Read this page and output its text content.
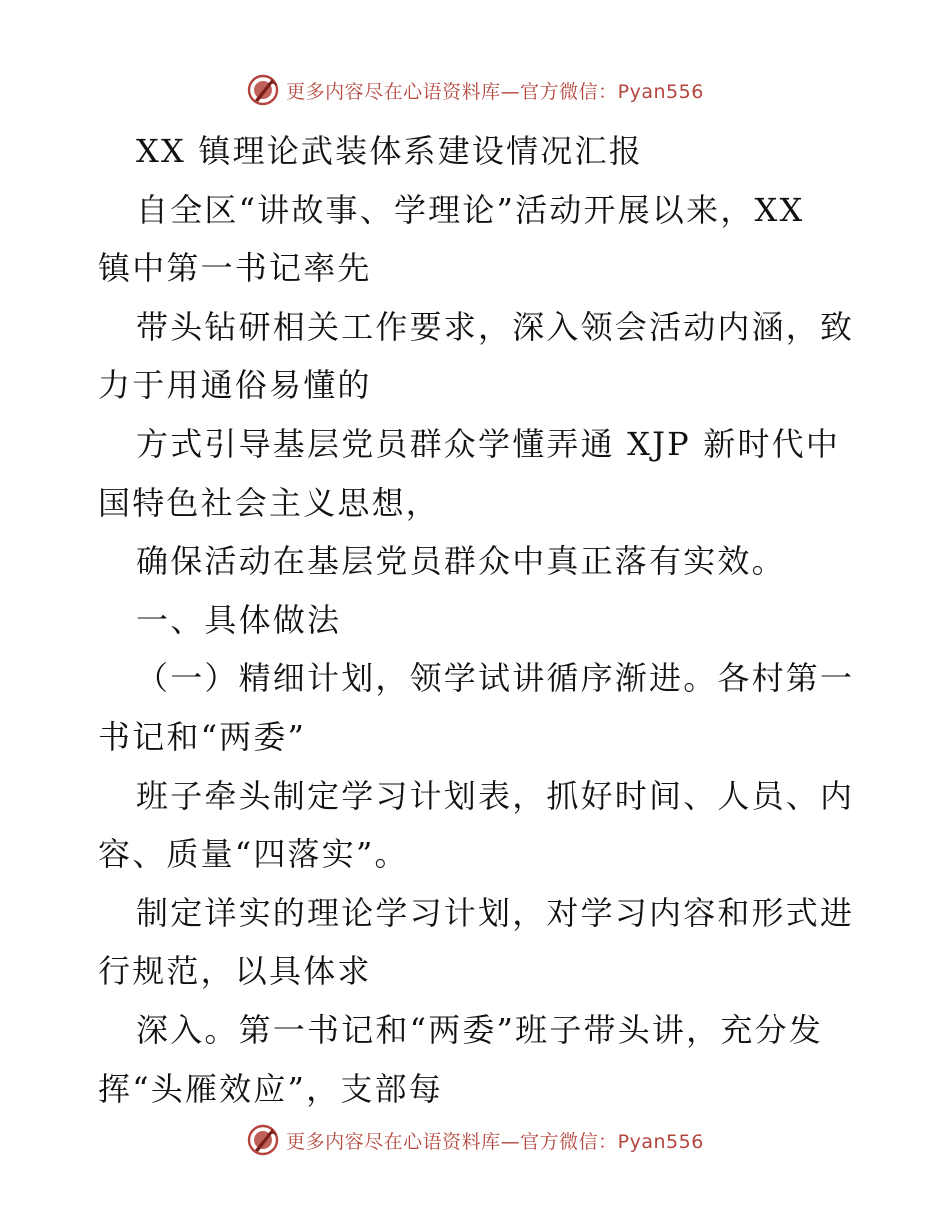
更多内容尽在心语资料库—官方微信：Pyan556
XX 镇理论武装体系建设情况汇报
自全区“讲故事、学理论”活动开展以来，XX
镇中第一书记率先
带头钻研相关工作要求，深入领会活动内涵，致
力于用通俗易懂的
方式引导基层党员群众学懂弄通 XJP 新时代中
国特色社会主义思想，
确保活动在基层党员群众中真正落有实效。
一、具体做法
（一）精细计划，领学试讲循序渐进。各村第一
书记和“两委”
班子牵头制定学习计划表，抓好时间、人员、内
容、质量“四落实”。
制定详实的理论学习计划，对学习内容和形式进
行规范，以具体求
深入。第一书记和“两委”班子带头讲，充分发
挥“头雁效应”，支部每
更多内容尽在心语资料库—官方微信：Pyan556
